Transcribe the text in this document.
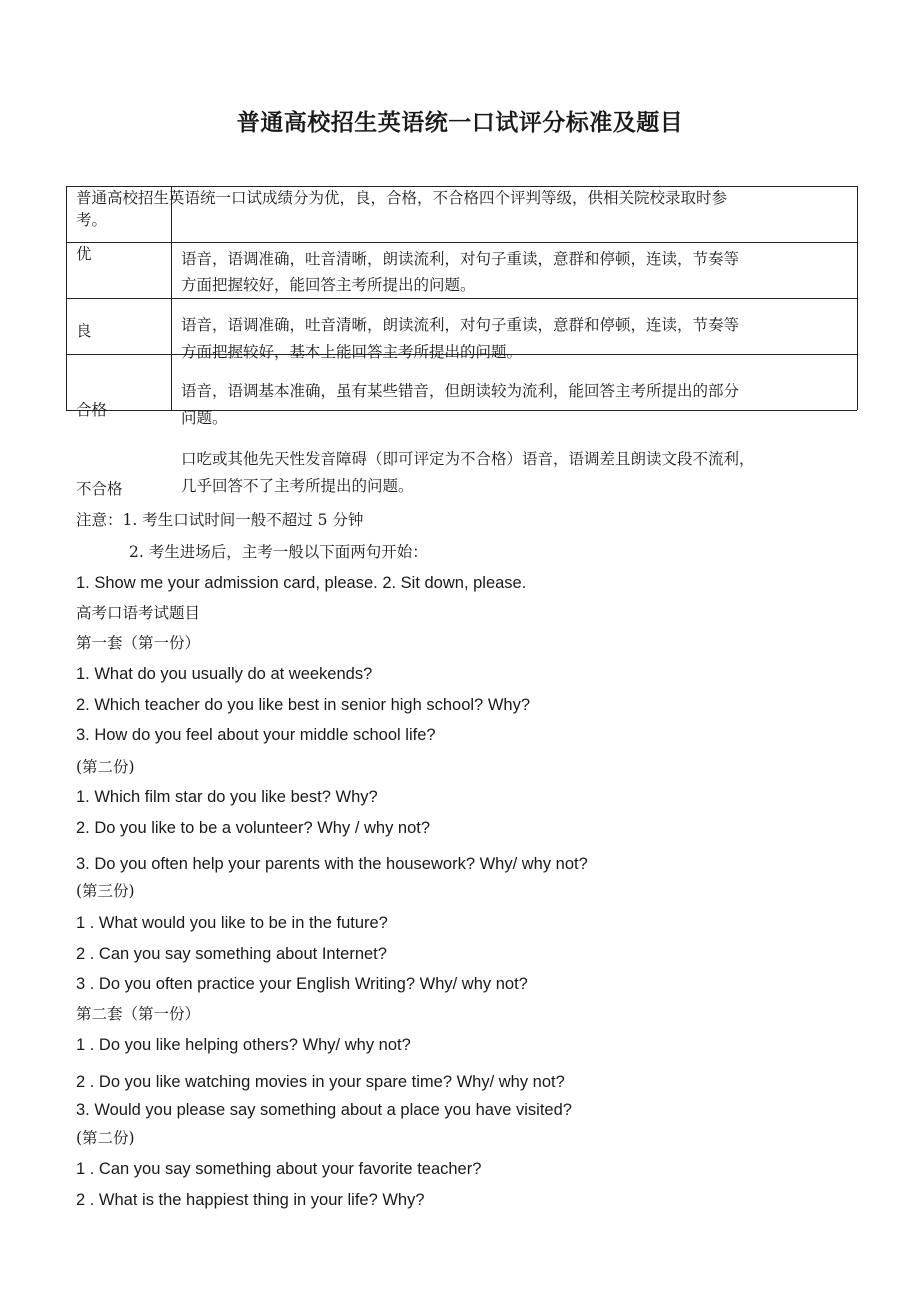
普通高校招生英语统一口试评分标准及题目
普通高校招生英语统一口试成绩分为优，良，合格，不合格四个评判等级，供相关院校录取时参
考。
优	语音，语调准确，吐音清晰，朗读流利，对句子重读，意群和停顿，连读，节奏等
方面把握较好，能回答主考所提出的问题。
良	语音，语调准确，吐音清晰，朗读流利，对句子重读，意群和停顿，连读，节奏等
方面把握较好，基本上能回答主考所提出的问题。
合格
语音，语调基本准确，虽有某些错音，但朗读较为流利，能回答主考所提出的部分
问题。
不合格
口吃或其他先天性发音障碍（即可评定为不合格）语音，语调差且朗读文段不流利，
几乎回答不了主考所提出的问题。
注意：1. 考生口试时间一般不超过 5 分钟
2. 考生进场后，主考一般以下面两句开始：
1. Show me your admission card, please. 2. Sit down, please.
高考口语考试题目
第一套（第一份）
1. What do you usually do at weekends?
2. Which teacher do you like best in senior high school? Why?
3. How do you feel about your middle school life?
(第二份)
1. Which film star do you like best? Why?
2. Do you like to be a volunteer? Why / why not?
3. Do you often help your parents with the housework? Why/ why not?
(第三份)
1 . What would you like to be in the future?
2 . Can you say something about Internet?
3 . Do you often practice your English Writing? Why/ why not?
第二套（第一份）
1 . Do you like helping others? Why/ why not?
2 . Do you like watching movies in your spare time? Why/ why not?
3. Would you please say something about a place you have visited?
(第二份)
1 . Can you say something about your favorite teacher?
2 . What is the happiest thing in your life? Why?
